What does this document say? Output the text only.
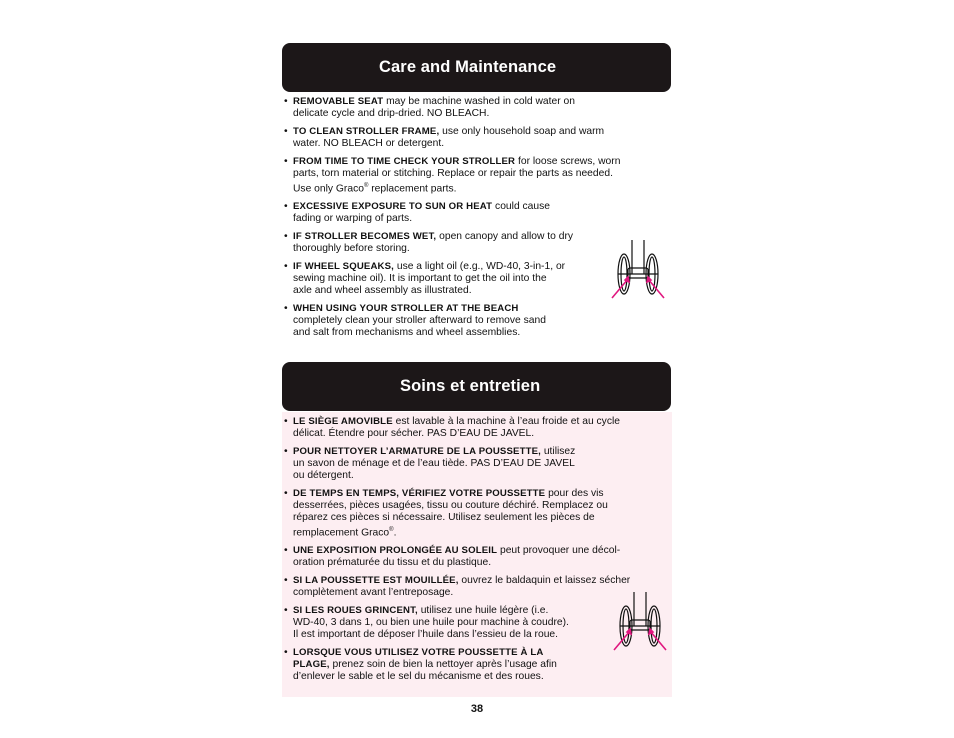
Care and Maintenance
• REMOVABLE SEAT may be machine washed in cold water on
delicate cycle and drip-dried. NO BLEACH.
• TO CLEAN STROLLER FRAME, use only household soap and warm
water. NO BLEACH or detergent.
• FROM TIME TO TIME CHECK YOUR STROLLER for loose screws, worn
parts, torn material or stitching. Replace or repair the parts as needed.
Use only Graco® replacement parts.
• EXCESSIVE EXPOSURE TO SUN OR HEAT could cause
fading or warping of parts.
• IF STROLLER BECOMES WET, open canopy and allow to dry
thoroughly before storing.
• IF WHEEL SQUEAKS, use a light oil (e.g., WD-40, 3-in-1, or
sewing machine oil). It is important to get the oil into the
axle and wheel assembly as illustrated.
• WHEN USING YOUR STROLLER AT THE BEACH
completely clean your stroller afterward to remove sand
and salt from mechanisms and wheel assemblies.
Soins et entretien
• LE SIÈGE AMOVIBLE est lavable à la machine à l’eau froide et au cycle
délicat. Étendre pour sécher. PAS D’EAU DE JAVEL.
• POUR NETTOYER L’ARMATURE DE LA POUSSETTE, utilisez
un savon de ménage et de l’eau tiède. PAS D’EAU DE JAVEL
ou détergent.
• DE TEMPS EN TEMPS, VÉRIFIEZ VOTRE POUSSETTE pour des vis
desserrées, pièces usagées, tissu ou couture déchiré. Remplacez ou
réparez ces pièces si nécessaire. Utilisez seulement les pièces de
remplacement Graco®.
• UNE EXPOSITION PROLONGÉE AU SOLEIL peut provoquer une décol-
oration prématurée du tissu et du plastique.
• SI LA POUSSETTE EST MOUILLÉE, ouvrez le baldaquin et laissez sécher
complètement avant l’entreposage.
• SI LES ROUES GRINCENT, utilisez une huile légère (i.e.
WD-40, 3 dans 1, ou bien une huile pour machine à coudre).
Il est important de déposer l’huile dans l’essieu de la roue.
• LORSQUE VOUS UTILISEZ VOTRE POUSSETTE À LA
PLAGE, prenez soin de bien la nettoyer après l’usage afin
d’enlever le sable et le sel du mécanisme et des roues.
38
